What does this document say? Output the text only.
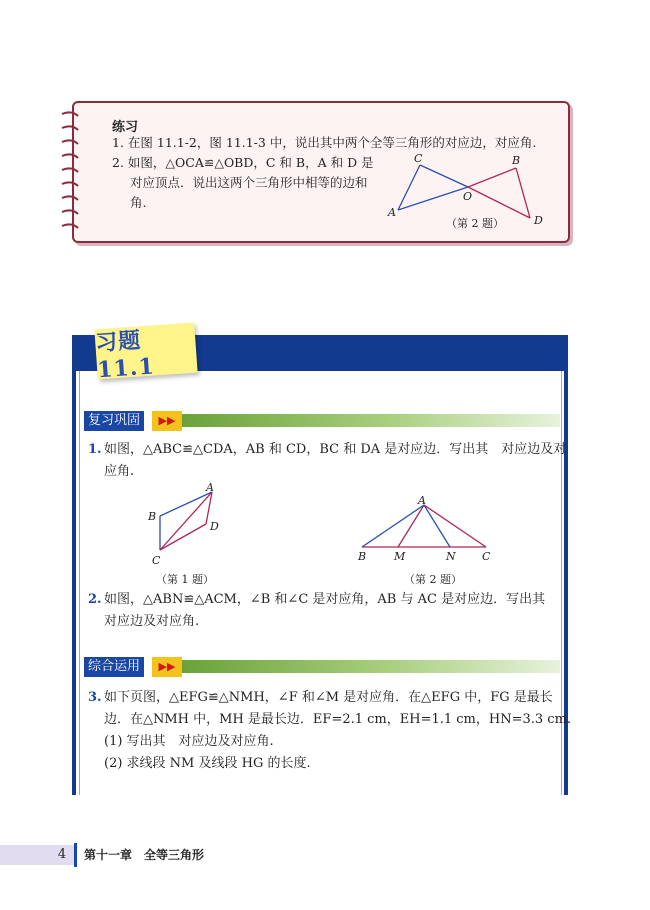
练习
1. 在图 11.1-2，图 11.1-3 中，说出其中两个全等三角形的对应边，对应角.
2. 如图，△OCA≌△OBD，C 和 B，A 和 D 是
对应顶点．说出这两个三角形中相等的边和
角.
C	B
O
A
D
（第 2 题）
习题11.1
复习巩固	▶▶
1. 如图，△ABC≌△CDA，AB 和 CD，BC 和 DA 是对应边．写出其　对应边及对
应角.
A
B
D
C
（第 1 题）
A
B	M	N C
（第 2 题）
2. 如图，△ABN≌△ACM，∠B 和∠C 是对应角，AB 与 AC 是对应边．写出其
对应边及对应角.
综合运用	▶▶
3. 如下页图，△EFG≌△NMH，∠F 和∠M 是对应角．在△EFG 中，FG 是最长
边．在△NMH 中，MH 是最长边．EF=2.1 cm，EH=1.1 cm，HN=3.3 cm.
(1) 写出其　对应边及对应角.
(2) 求线段 NM 及线段 HG 的长度.
4	第十一章　全等三角形
